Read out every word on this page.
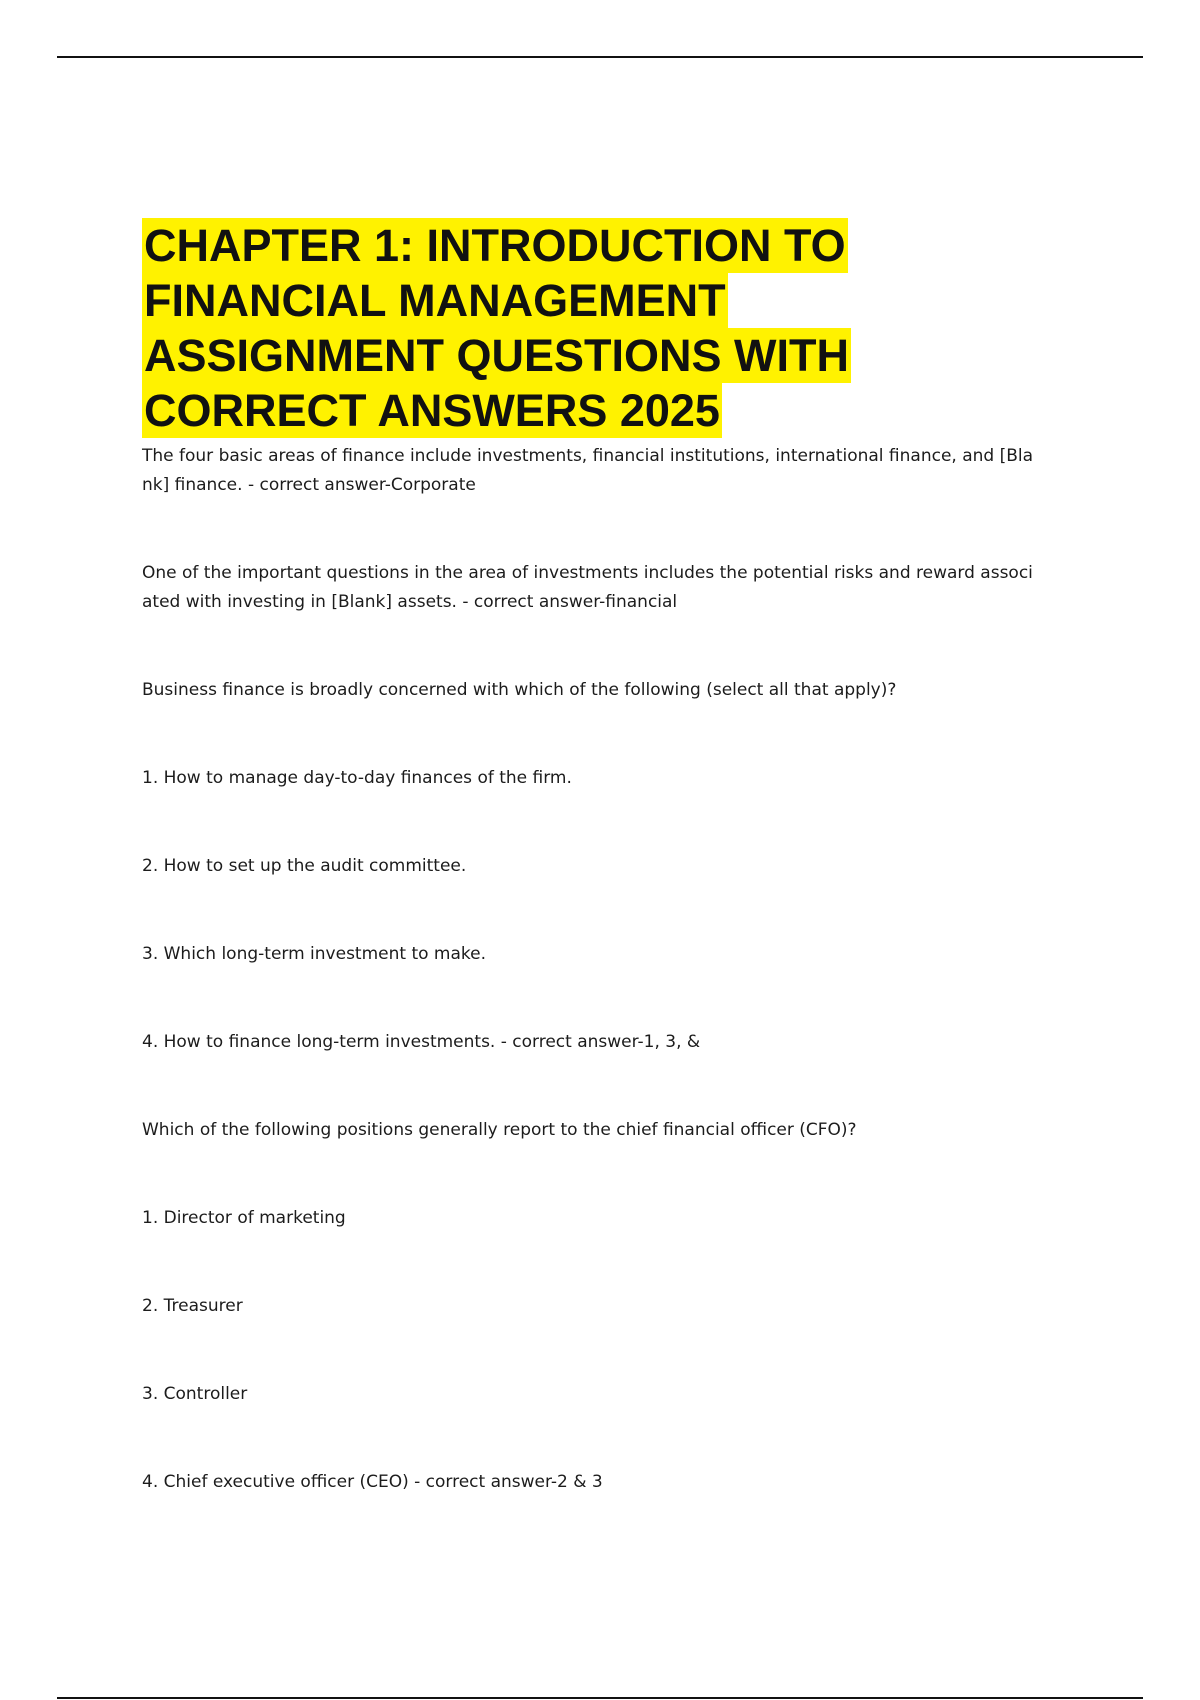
CHAPTER 1: INTRODUCTION TO
FINANCIAL MANAGEMENT
ASSIGNMENT QUESTIONS WITH
CORRECT ANSWERS 2025

The four basic areas of finance include investments, financial institutions, international finance, and [Bla
nk] finance. - correct answer-Corporate

One of the important questions in the area of investments includes the potential risks and reward associ
ated with investing in [Blank] assets. - correct answer-financial

Business finance is broadly concerned with which of the following (select all that apply)?

1. How to manage day-to-day finances of the firm.

2. How to set up the audit committee.

3. Which long-term investment to make.

4. How to finance long-term investments. - correct answer-1, 3, &

Which of the following positions generally report to the chief financial officer (CFO)?

1. Director of marketing

2. Treasurer

3. Controller

4. Chief executive officer (CEO) - correct answer-2 & 3
